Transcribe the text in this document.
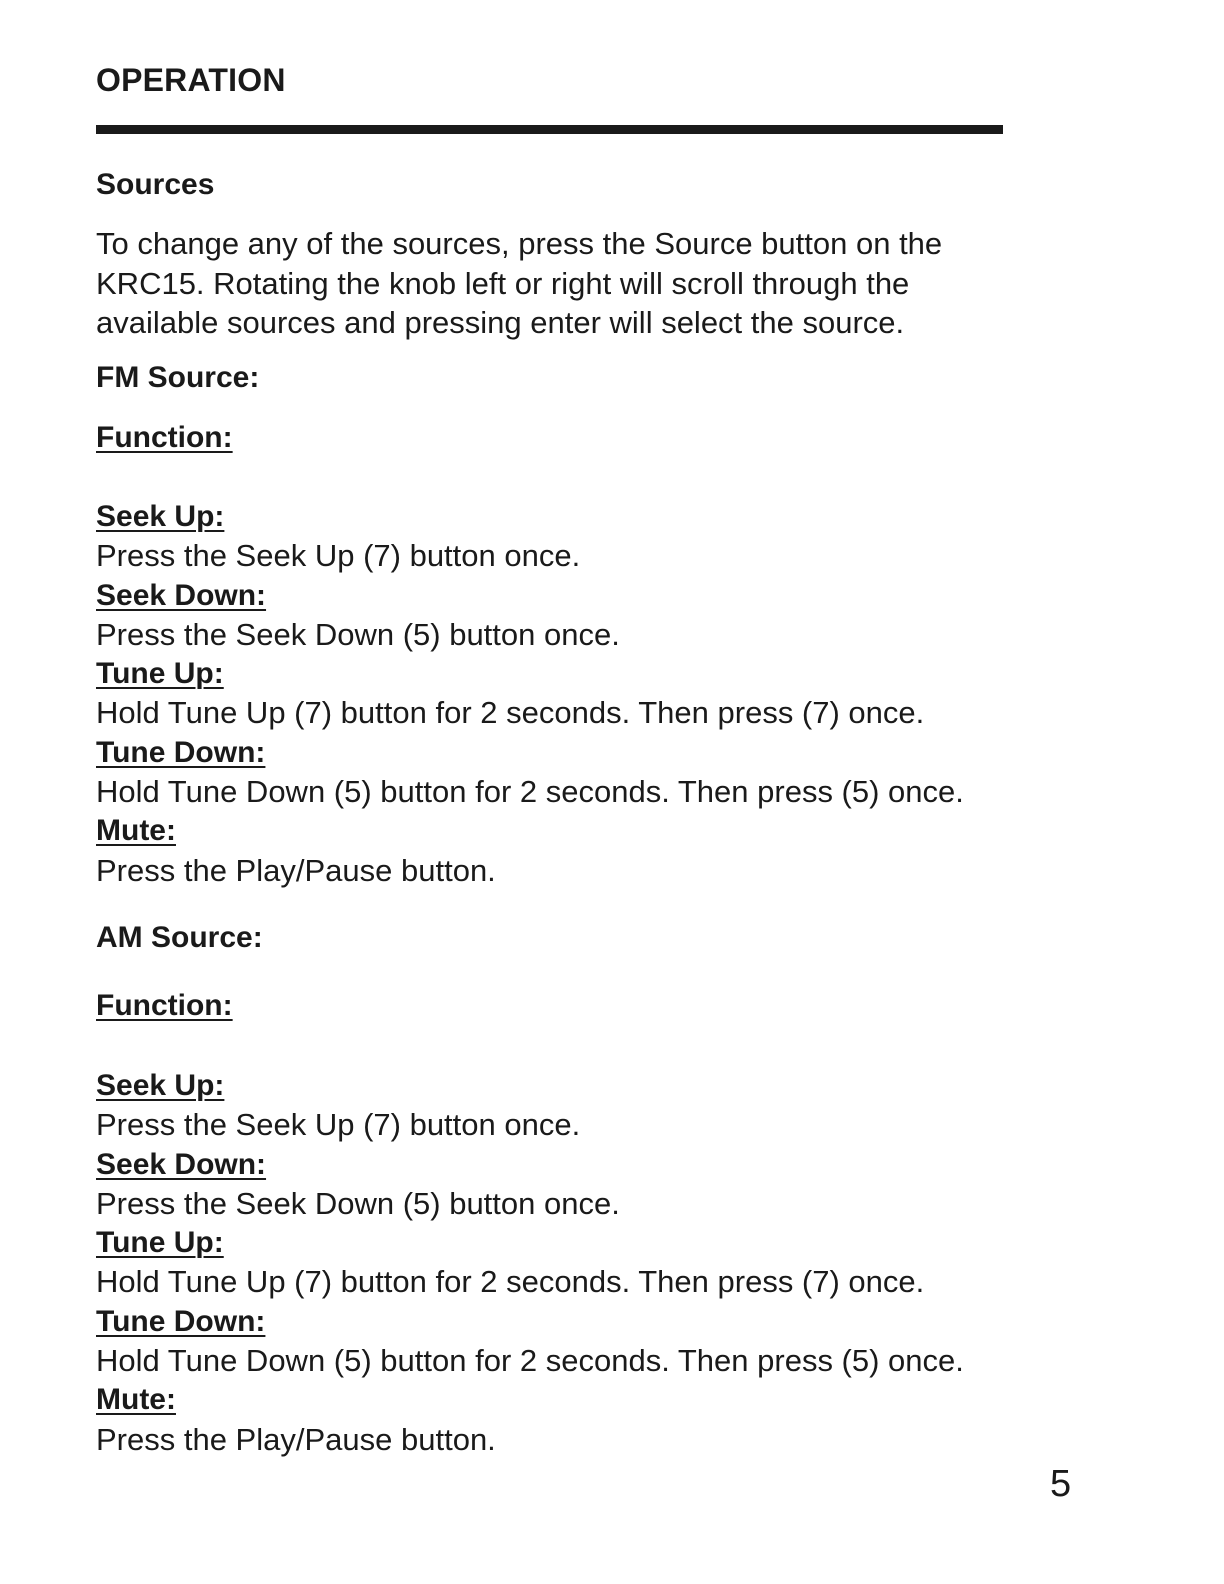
OPERATION
Sources
To change any of the sources, press the Source button on the
KRC15. Rotating the knob left or right will scroll through the
available sources and pressing enter will select the source.
FM Source:
Function:
Seek Up:
Press the Seek Up (7) button once.
Seek Down:
Press the Seek Down (5) button once.
Tune Up:
Hold Tune Up (7) button for 2 seconds. Then press (7) once.
Tune Down:
Hold Tune Down (5) button for 2 seconds. Then press (5) once.
Mute:
Press the Play/Pause button.
AM Source:
Function:
Seek Up:
Press the Seek Up (7) button once.
Seek Down:
Press the Seek Down (5) button once.
Tune Up:
Hold Tune Up (7) button for 2 seconds. Then press (7) once.
Tune Down:
Hold Tune Down (5) button for 2 seconds. Then press (5) once.
Mute:
Press the Play/Pause button.

5
